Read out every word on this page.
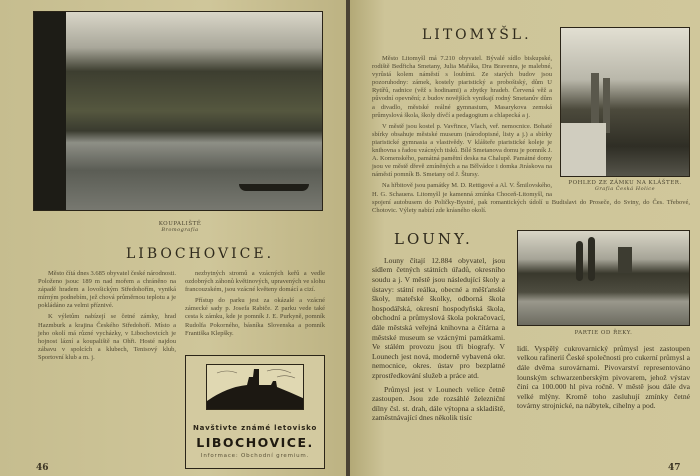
KOUPALIŠTĚ
Bromografia
LIBOCHOVICE.

Město čítá dnes 3.685 obyvatel české národnosti. Položeno jsouc 189 m nad mořem a chráněno na západě hradem a lovošickým Středohořím, vyniká mírným podnebím, jež chová průměrnou teplotu a je pokládáno za velmi příznivé.

K výletům nabízejí se četné zámky, hrad Hazmburk a krajina Českého Středohoří. Místo a jeho okolí má různé vycházky, v Libochovicích je hojnost lázní a koupaliště na Ohři. Hosté najdou zábavu v spolcích a klubech, Tenisový klub, Sportovní klub a m. j.

nezbytných stromů a vzácných keřů a vedle ozdobných záhonů květinových, upravených ve slohu francouzském, jsou vzácné květeny domácí a cizí.

Přístup do parku jest za okázalé a vzácné zámecké sady p. Josefa Rabiče. Z parku vede také cesta k zámku, kde je pomník J. E. Purkyně, pomník Rudolfa Pokorného, básníka Slovenska a pomník Františka Klepšky.

Navštivte známé letovisko
LIBOCHOVICE.
Informace: Obchodní gremium.
46
POHLED ZE ZÁMKU NA KLÁŠTER.
Grafia Česká Holice
LITOMYŠL.

Město Litomyšl má 7.210 obyvatel. Bývalé sídlo biskupské, rodiště Bedřicha Smetany, Julia Mařáka, Dra Bravenra, je malebné, vyrůstá kolem náměstí s loubími. Ze starých budov jsou pozoruhodny: zámek, kostely piaristický a proboštský, dům U Rytířů, radnice (věž s hodinami) a zbytky hradeb. Červená věž a původní opevnění; z budov novějších vynikají rodný Smetanův dům a divadlo, městské reálné gymnasium, Masarykova zemská průmyslová škola, školy dívčí a pedagogium a chlapecká a j.

V městě jsou kostel p. Vavřince, Vlach, veř. nemocnice. Bohaté sbírky obsahuje městské museum (národopisné, listy a j.) a sbírky piaristické gymnasia a vlastivědy. V klášteře piaristické koleje je knihovna s řadou vzácných tisků. Bílé Smetanova domu je pomník J. A. Komenského, památná pamětní deska na Chalupě. Památné domy jsou ve městě dřevě zmíněných a na Bělvádce i domka Jiráskova na náměstí pomník B. Smetany od J. Štursy.

Na hřbitově jsou památky M. D. Rettigové a Al. V. Šmilovského, H. G. Schauera. Litomyšl je kamenná zmínka Choceň-Litomyšl, na spojení autobusem do Poličky-Bystré, pak romantických údolí u Budislavi do Proseče, do Sviny, do Čes. Třebové, Chotovic. Výlety nabízí zde krásného okolí.

LOUNY.

Louny čítají 12.884 obyvatel, jsou sídlem četných státních úřadů, okresního soudu a j. V městě jsou následující školy a ústavy: státní reálka, obecné a měšťanské školy, mateřské školky, odborná škola hospodářská, okresní hospodyňská škola, obchodní a průmyslová škola pokračovací, dále městská veřejná knihovna a čítárna a městské museum se vzácnými památkami. Ve stálém provozu jsou tři biografy. V Lounech jest nová, moderně vybavená okr. nemocnice, okres. ústav pro bezplatné zprostředkování služeb a práce atd.

Průmysl jest v Lounech velice četně zastoupen. Jsou zde rozsáhlé železniční dílny čsl. st. drah, dále výtopna a skladiště, zaměstnávající dnes několik tisíc

PARTIE OD ŘEKY.

lidí. Vyspělý cukrovarnický průmysl jest zastoupen velkou rafinerií České společnosti pro cukerní průmysl a dále dvěma surovárnami. Pivovarství representováno lounským schwarzenberským pivovarem, jehož výstav činí ca 100.000 hl piva ročně. V městě jsou dále dva velké mlýny. Kromě toho zasluhují zmínky četné továrny strojnické, na nábytek, cihelny a pod.

47
